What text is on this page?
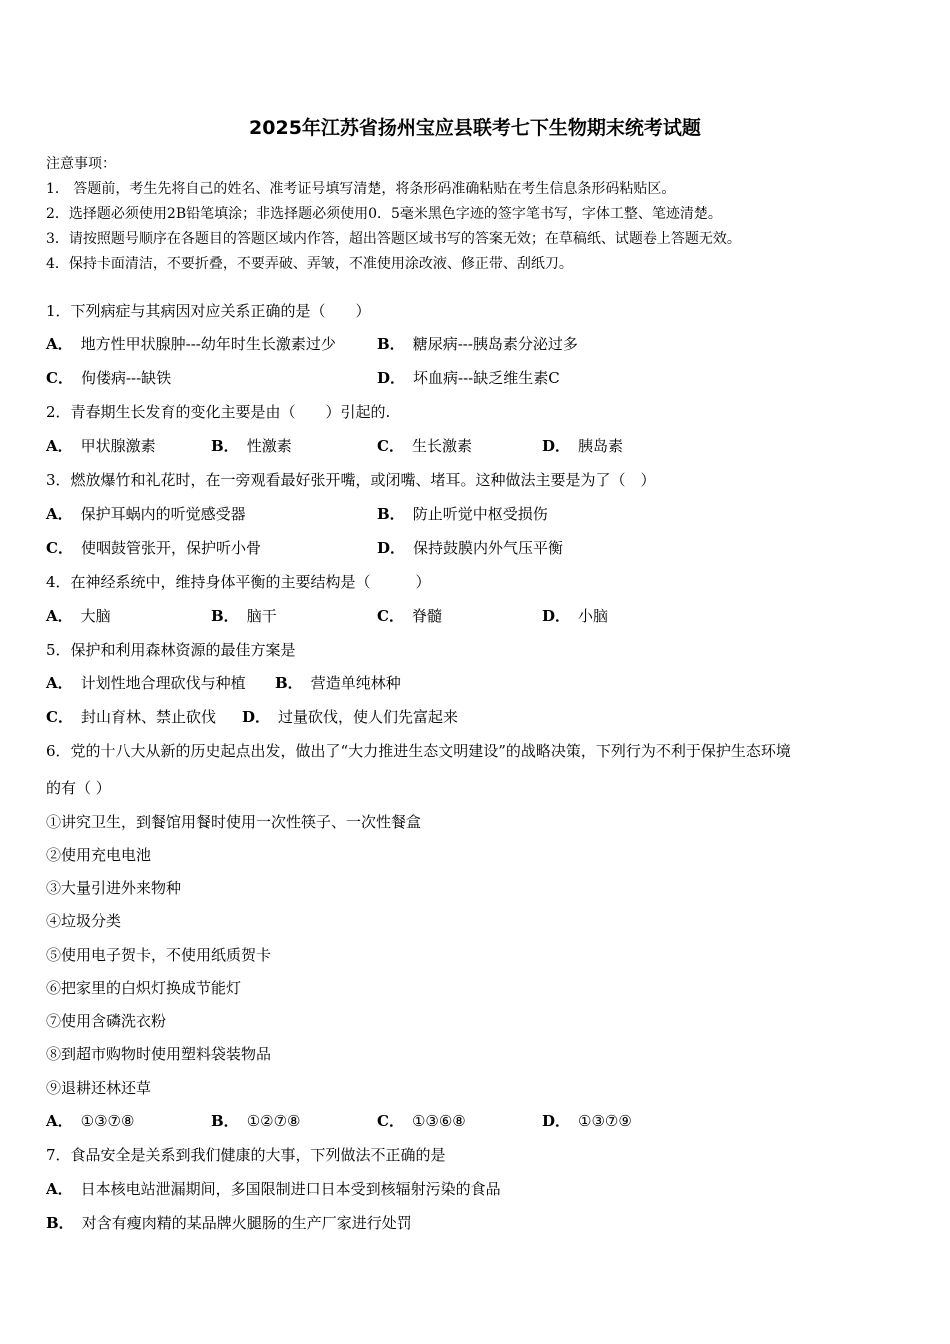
2025年江苏省扬州宝应县联考七下生物期末统考试题
注意事项：
1． 答题前，考生先将自己的姓名、准考证号填写清楚，将条形码准确粘贴在考生信息条形码粘贴区。
2．选择题必须使用2B铅笔填涂；非选择题必须使用0．5毫米黑色字迹的签字笔书写，字体工整、笔迹清楚。
3．请按照题号顺序在各题目的答题区域内作答，超出答题区域书写的答案无效；在草稿纸、试题卷上答题无效。
4．保持卡面清洁，不要折叠，不要弄破、弄皱，不准使用涂改液、修正带、刮纸刀。
1．下列病症与其病因对应关系正确的是（　　）
A． 地方性甲状腺肿---幼年时生长激素过少	B． 糖尿病---胰岛素分泌过多
C． 佝偻病---缺铁	D． 坏血病---缺乏维生素C
2．青春期生长发育的变化主要是由（　　）引起的.
A． 甲状腺激素	B． 性激素	C． 生长激素	D． 胰岛素
3．燃放爆竹和礼花时，在一旁观看最好张开嘴，或闭嘴、堵耳。这种做法主要是为了（　）
A． 保护耳蜗内的听觉感受器	B． 防止听觉中枢受损伤
C． 使咽鼓管张开，保护听小骨	D． 保持鼓膜内外气压平衡
4．在神经系统中，维持身体平衡的主要结构是（　　　）
A． 大脑	B． 脑干	C． 脊髓	D． 小脑
5．保护和利用森林资源的最佳方案是
A． 计划性地合理砍伐与种植 B． 营造单纯林种
C． 封山育林、禁止砍伐 D． 过量砍伐，使人们先富起来
6．党的十八大从新的历史起点出发，做出了“大力推进生态文明建设”的战略决策，下列行为不利于保护生态环境
的有（ ）
①讲究卫生，到餐馆用餐时使用一次性筷子、一次性餐盒
②使用充电电池
③大量引进外来物种
④垃圾分类
⑤使用电子贺卡，不使用纸质贺卡
⑥把家里的白炽灯换成节能灯
⑦使用含磷洗衣粉
⑧到超市购物时使用塑料袋装物品
⑨退耕还林还草
A． ①③⑦⑧	B． ①②⑦⑧	C． ①③⑥⑧	D． ①③⑦⑨
7．食品安全是关系到我们健康的大事，下列做法不正确的是
A． 日本核电站泄漏期间，多国限制进口日本受到核辐射污染的食品
B． 对含有瘦肉精的某品牌火腿肠的生产厂家进行处罚
